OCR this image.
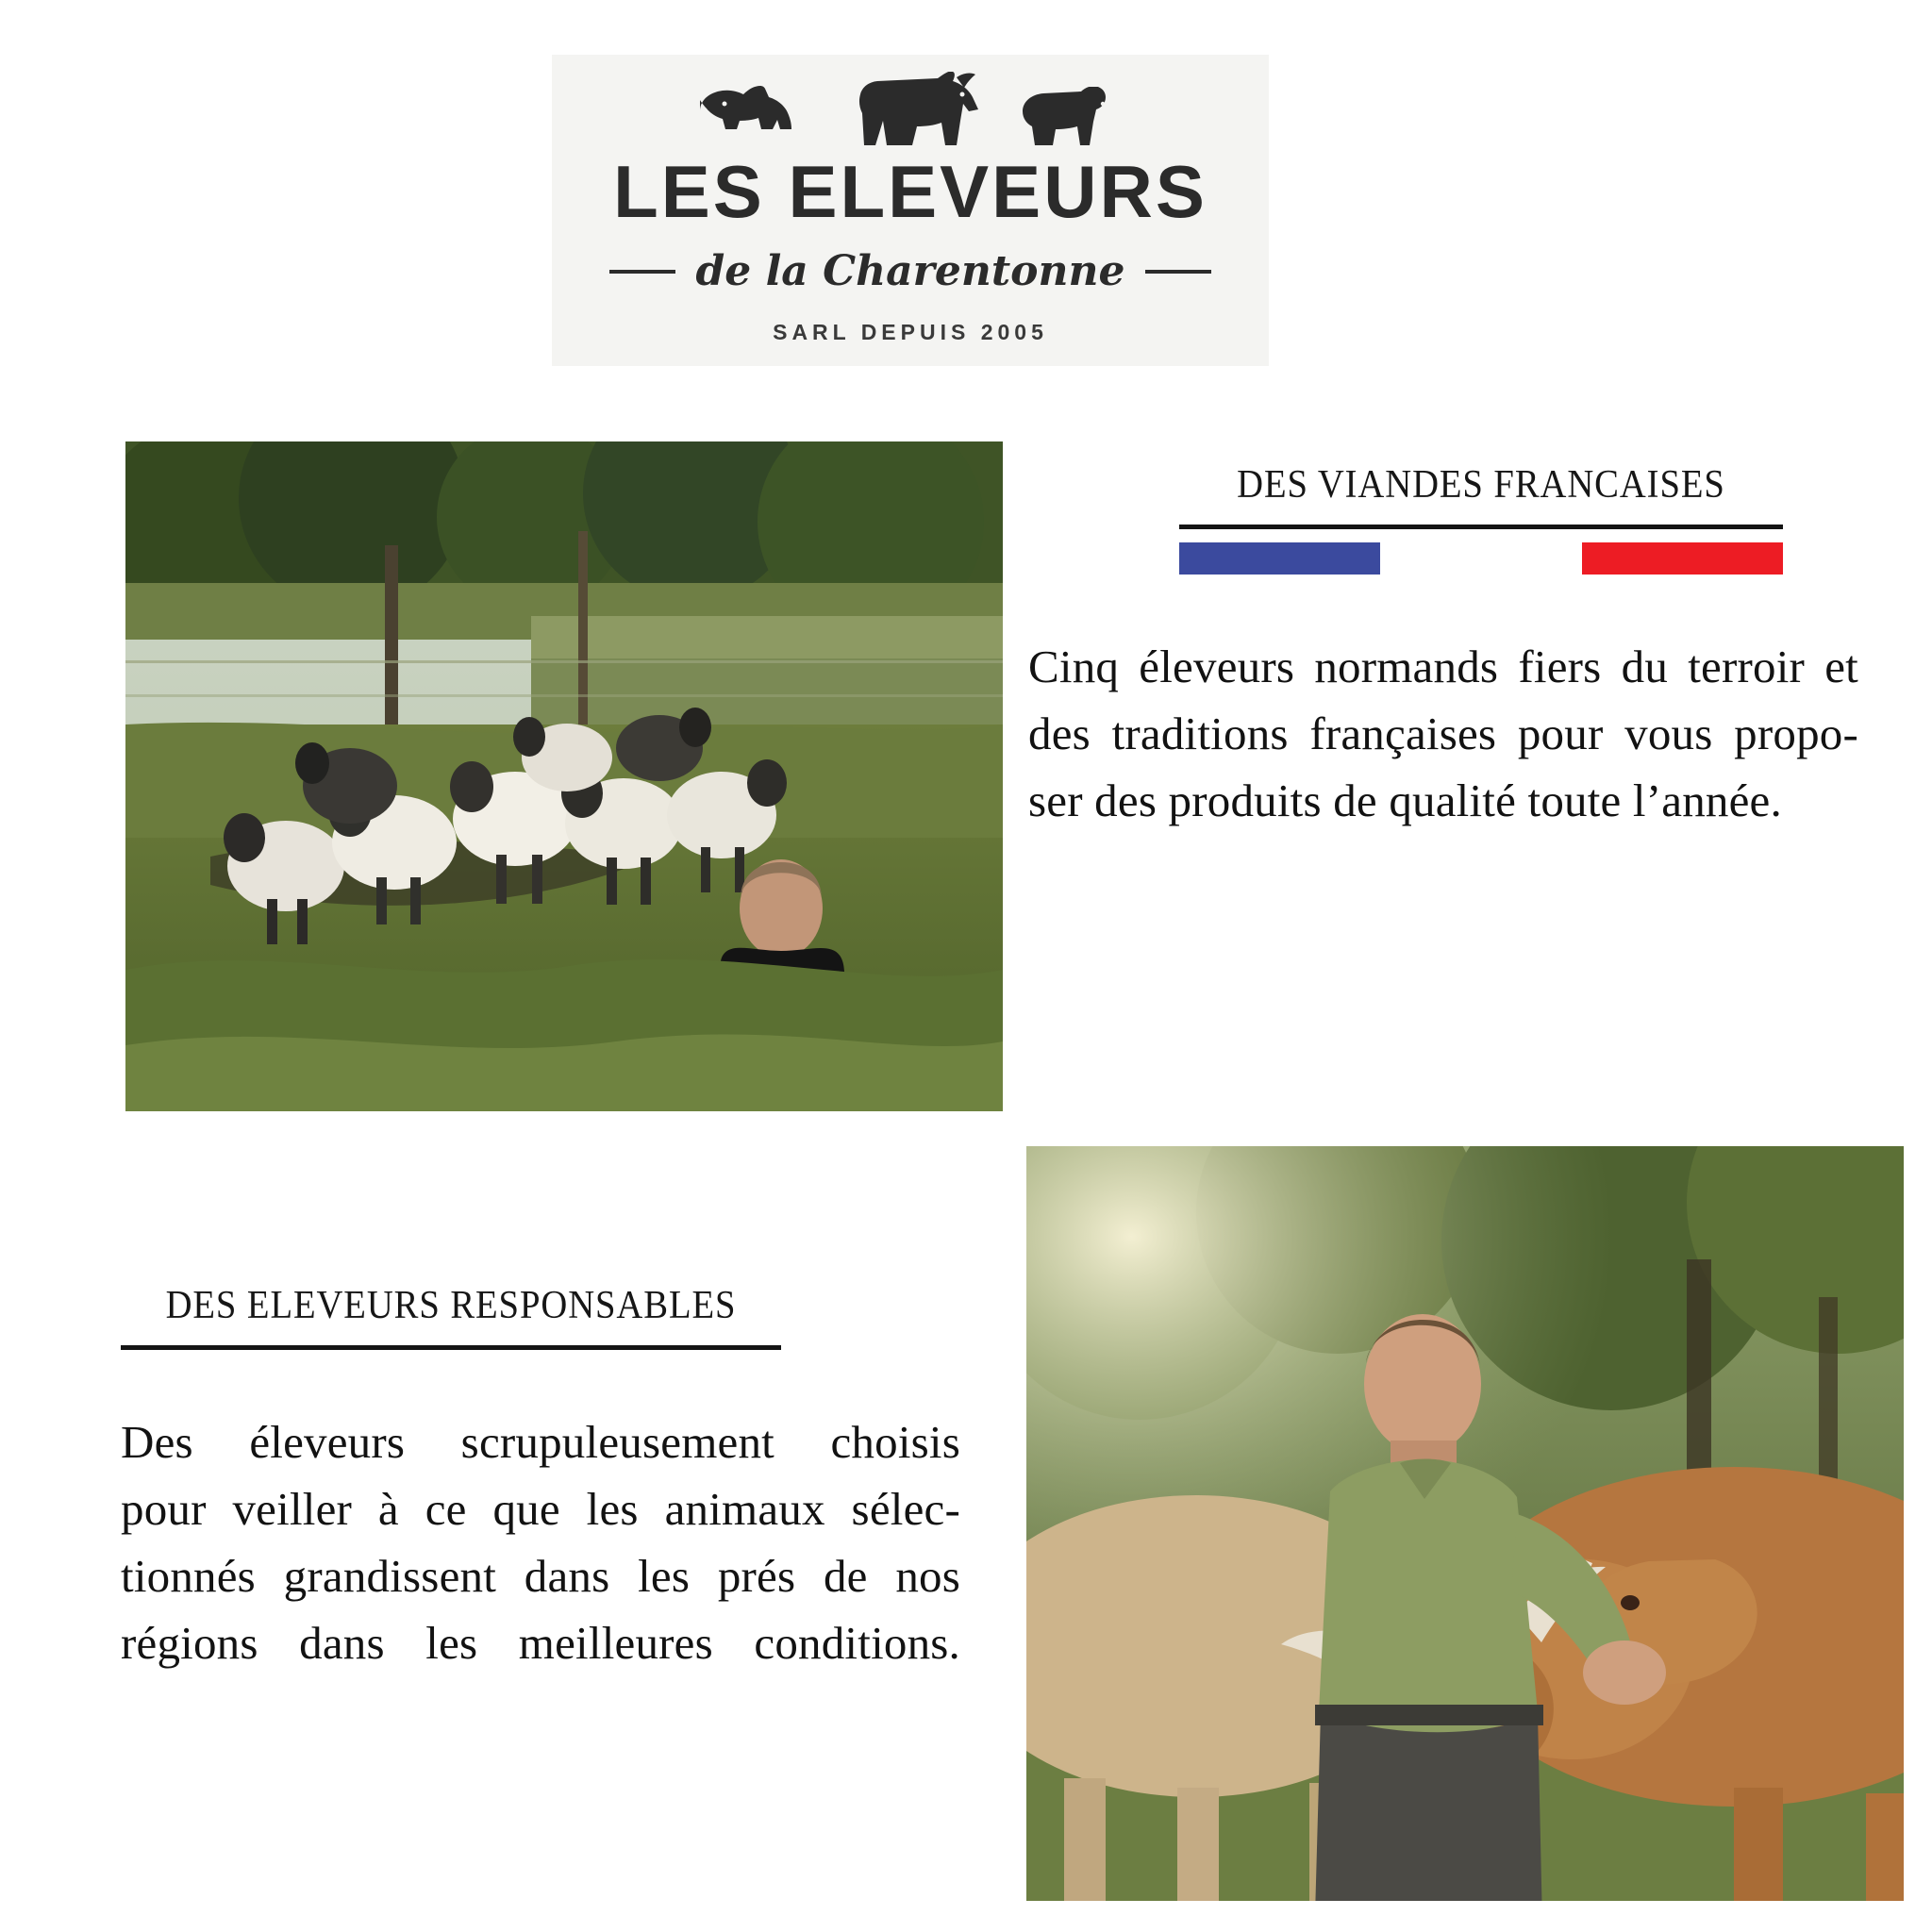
LES ELEVEURS
de la Charentonne
SARL DEPUIS 2005
DES VIANDES FRANCAISES
Cinq éleveurs normands fiers du terroir et
des traditions françaises pour vous propo-
ser des produits de qualité toute l’année.
DES ELEVEURS RESPONSABLES
Des éleveurs scrupuleusement choisis
pour veiller à ce que les animaux sélec-
tionnés grandissent dans les prés de nos
régions dans les meilleures conditions.
